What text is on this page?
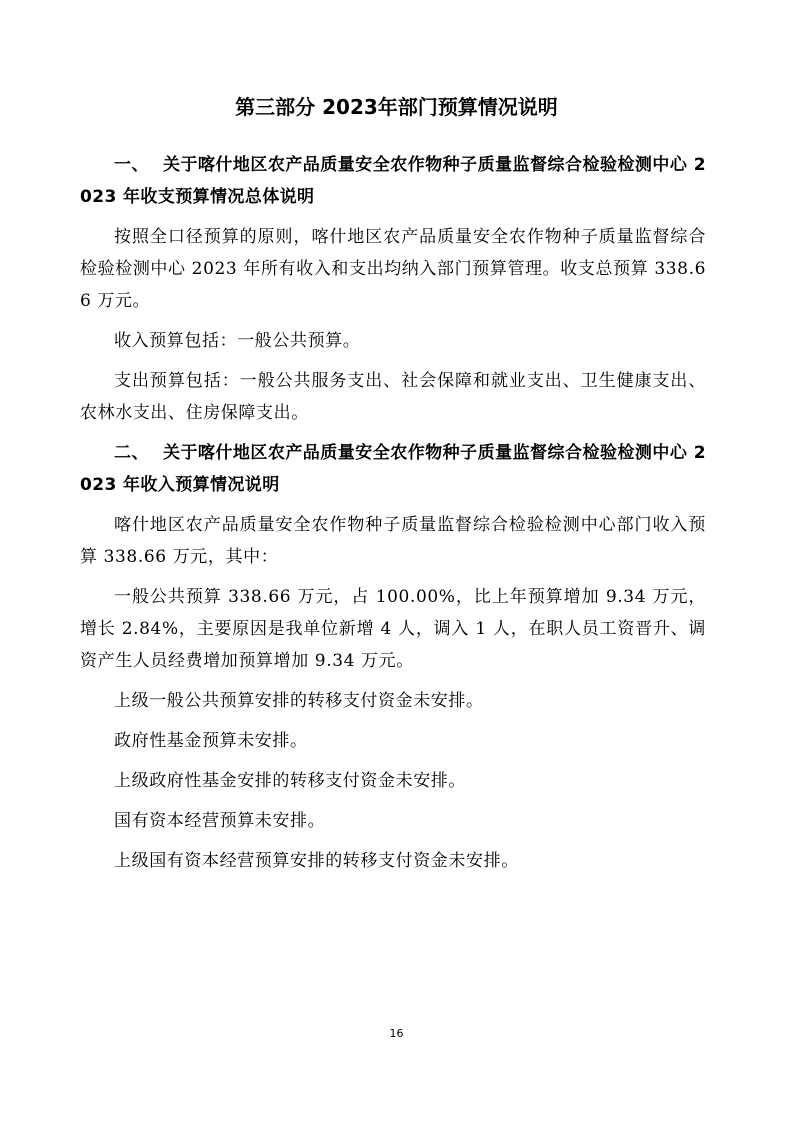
第三部分 2023年部门预算情况说明
一、 关于喀什地区农产品质量安全农作物种子质量监督综合检验检测中心 2023 年收支预算情况总体说明

按照全口径预算的原则，喀什地区农产品质量安全农作物种子质量监督综合检验检测中心 2023 年所有收入和支出均纳入部门预算管理。收支总预算 338.66 万元。

收入预算包括：一般公共预算。

支出预算包括：一般公共服务支出、社会保障和就业支出、卫生健康支出、农林水支出、住房保障支出。

二、 关于喀什地区农产品质量安全农作物种子质量监督综合检验检测中心 2023 年收入预算情况说明

喀什地区农产品质量安全农作物种子质量监督综合检验检测中心部门收入预算 338.66 万元，其中：

一般公共预算 338.66 万元，占 100.00%，比上年预算增加 9.34 万元，增长 2.84%，主要原因是我单位新增 4 人，调入 1 人，在职人员工资晋升、调资产生人员经费增加预算增加 9.34 万元。

上级一般公共预算安排的转移支付资金未安排。

政府性基金预算未安排。

上级政府性基金安排的转移支付资金未安排。

国有资本经营预算未安排。

上级国有资本经营预算安排的转移支付资金未安排。

16
